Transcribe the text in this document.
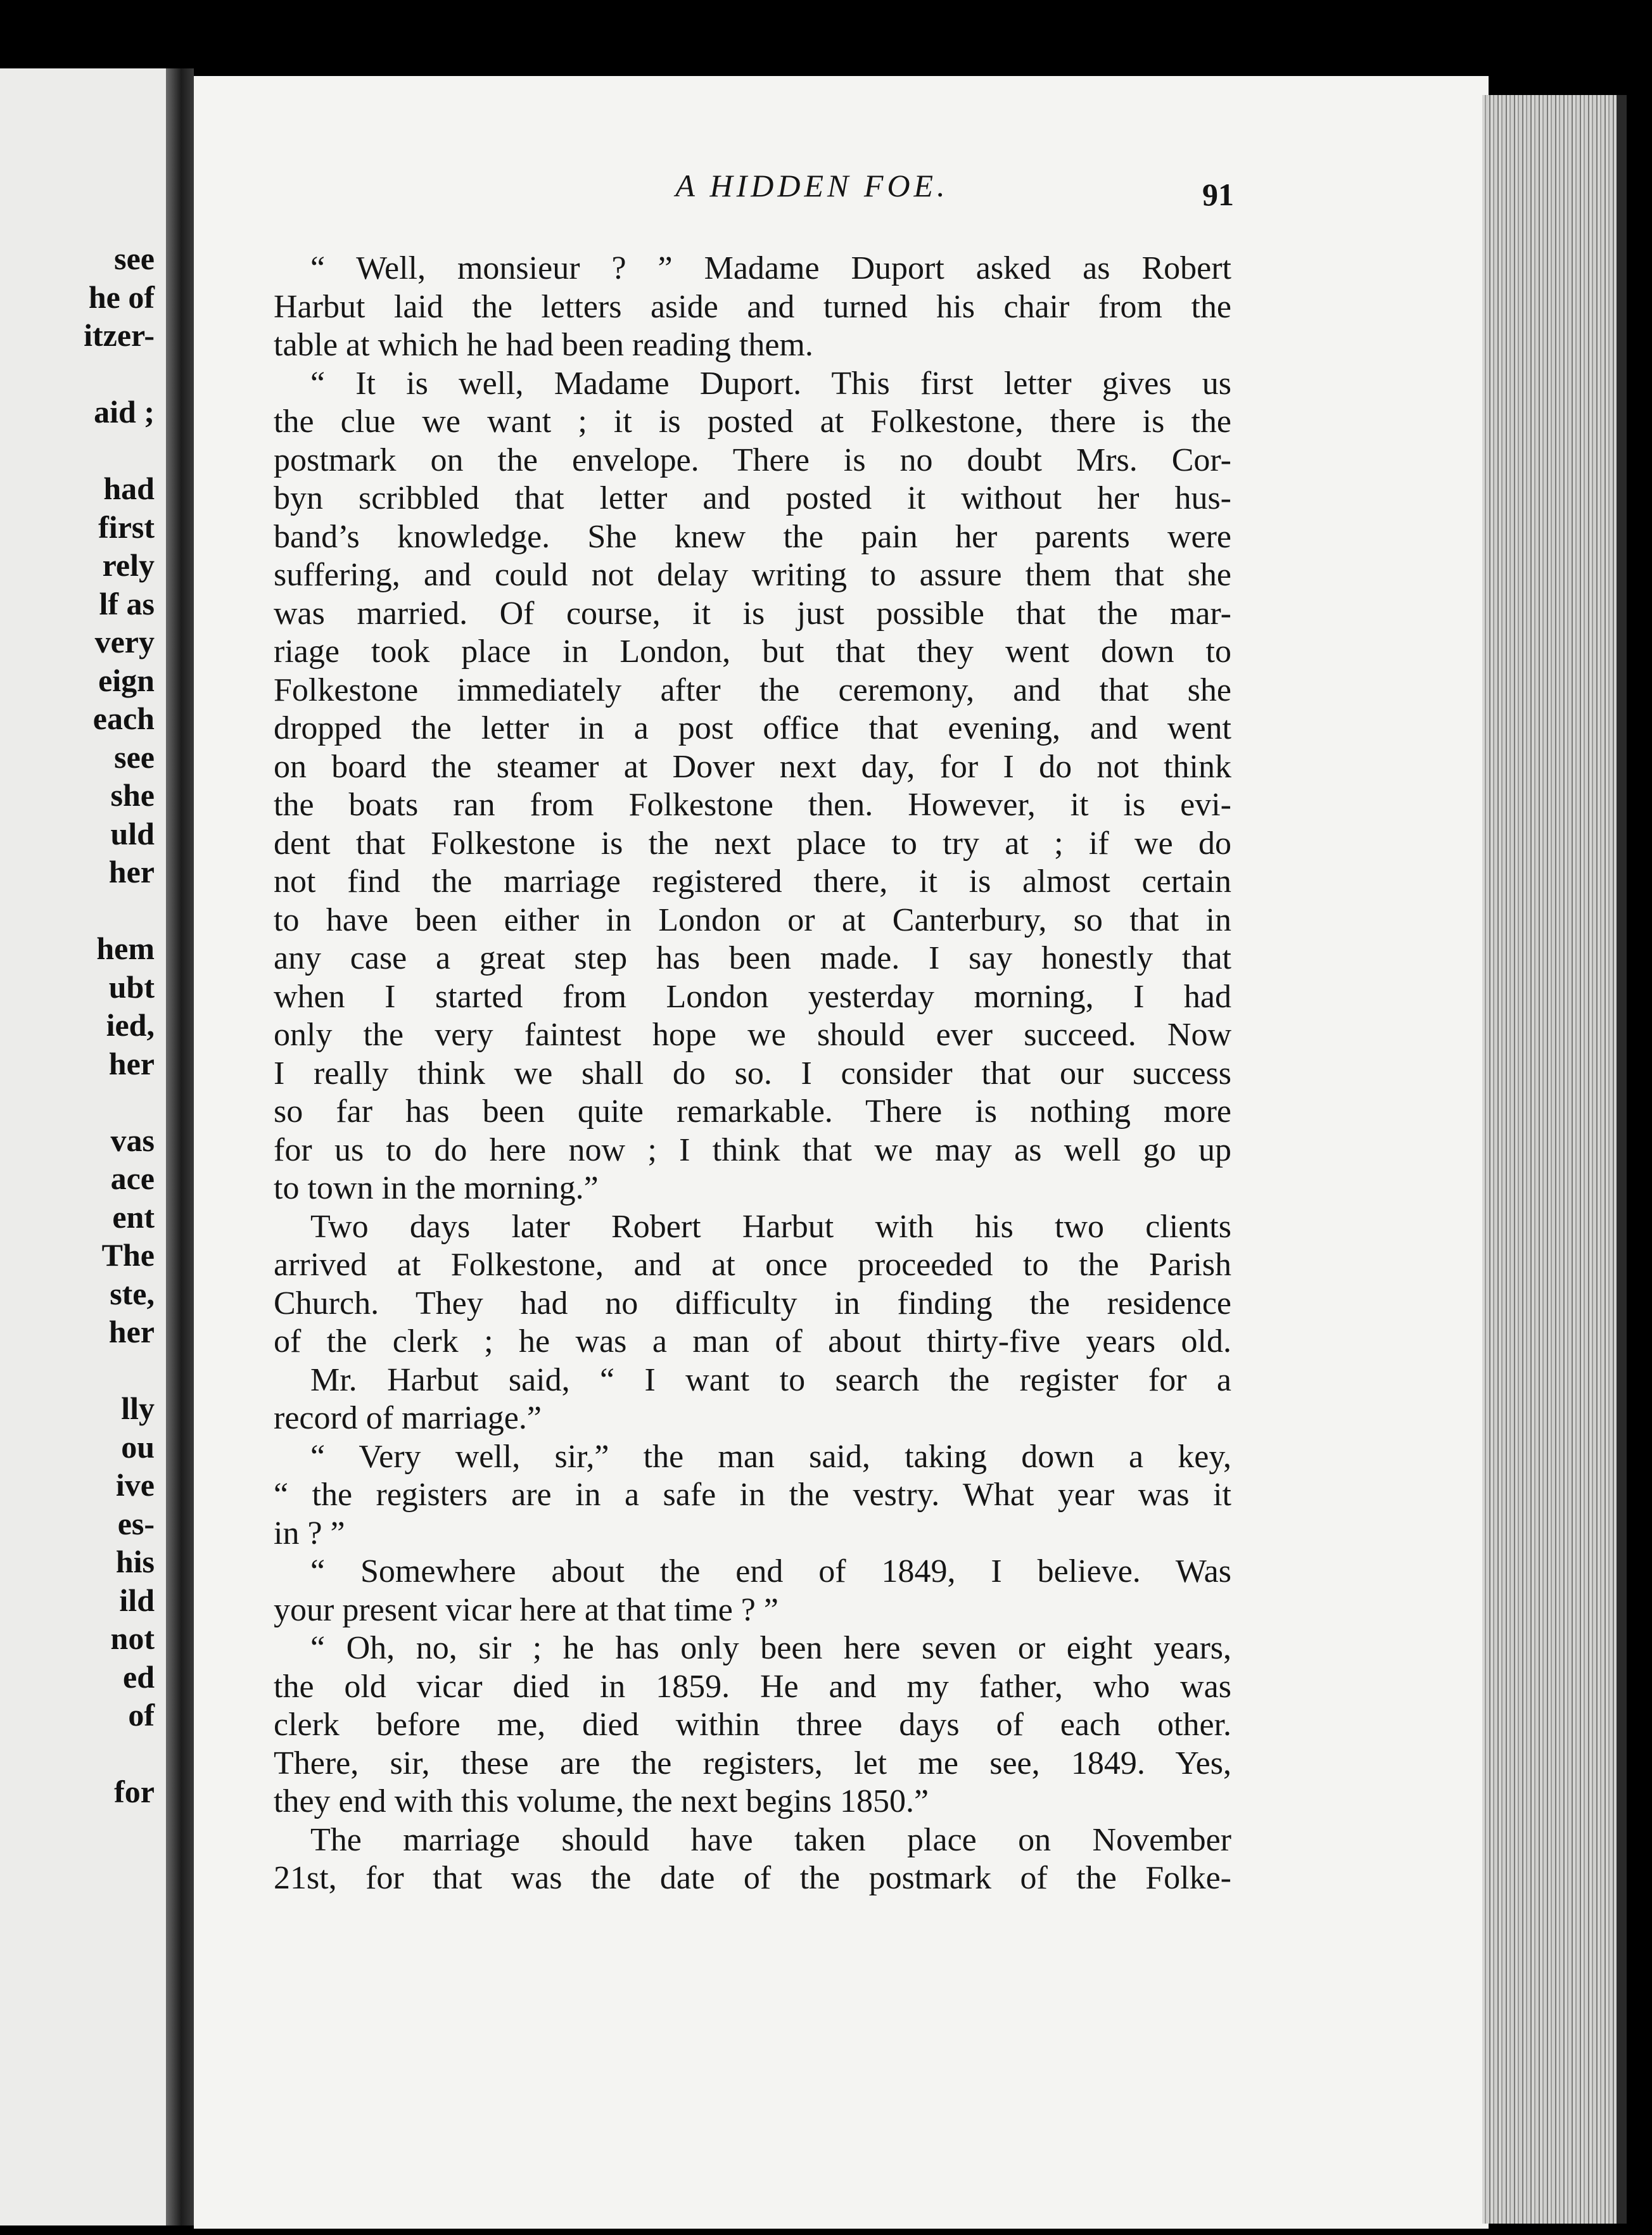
see
he of
itzer-
aid ;
had
first
rely
lf as
very
eign
each
see
she
uld
her
hem
ubt
ied,
her
vas
ace
ent
The
ste,
her
lly
ou
ive
es-
his
ild
not
ed
of
for
A HIDDEN FOE.	91
“ Well, monsieur ? ” Madame Duport asked as Robert
Harbut laid the letters aside and turned his chair from the
table at which he had been reading them.
“ It is well, Madame Duport. This first letter gives us
the clue we want ; it is posted at Folkestone, there is the
postmark on the envelope. There is no doubt Mrs. Cor-
byn scribbled that letter and posted it without her hus-
band’s knowledge. She knew the pain her parents were
suffering, and could not delay writing to assure them that she
was married. Of course, it is just possible that the mar-
riage took place in London, but that they went down to
Folkestone immediately after the ceremony, and that she
dropped the letter in a post office that evening, and went
on board the steamer at Dover next day, for I do not think
the boats ran from Folkestone then. However, it is evi-
dent that Folkestone is the next place to try at ; if we do
not find the marriage registered there, it is almost certain
to have been either in London or at Canterbury, so that in
any case a great step has been made. I say honestly that
when I started from London yesterday morning, I had
only the very faintest hope we should ever succeed. Now
I really think we shall do so. I consider that our success
so far has been quite remarkable. There is nothing more
for us to do here now ; I think that we may as well go up
to town in the morning.”
Two days later Robert Harbut with his two clients
arrived at Folkestone, and at once proceeded to the Parish
Church. They had no difficulty in finding the residence
of the clerk ; he was a man of about thirty-five years old.
Mr. Harbut said, “ I want to search the register for a
record of marriage.”
“ Very well, sir,” the man said, taking down a key,
“ the registers are in a safe in the vestry. What year was it
in ? ”
“ Somewhere about the end of 1849, I believe. Was
your present vicar here at that time ? ”
“ Oh, no, sir ; he has only been here seven or eight years,
the old vicar died in 1859. He and my father, who was
clerk before me, died within three days of each other.
There, sir, these are the registers, let me see, 1849. Yes,
they end with this volume, the next begins 1850.”
The marriage should have taken place on November
21st, for that was the date of the postmark of the Folke-
